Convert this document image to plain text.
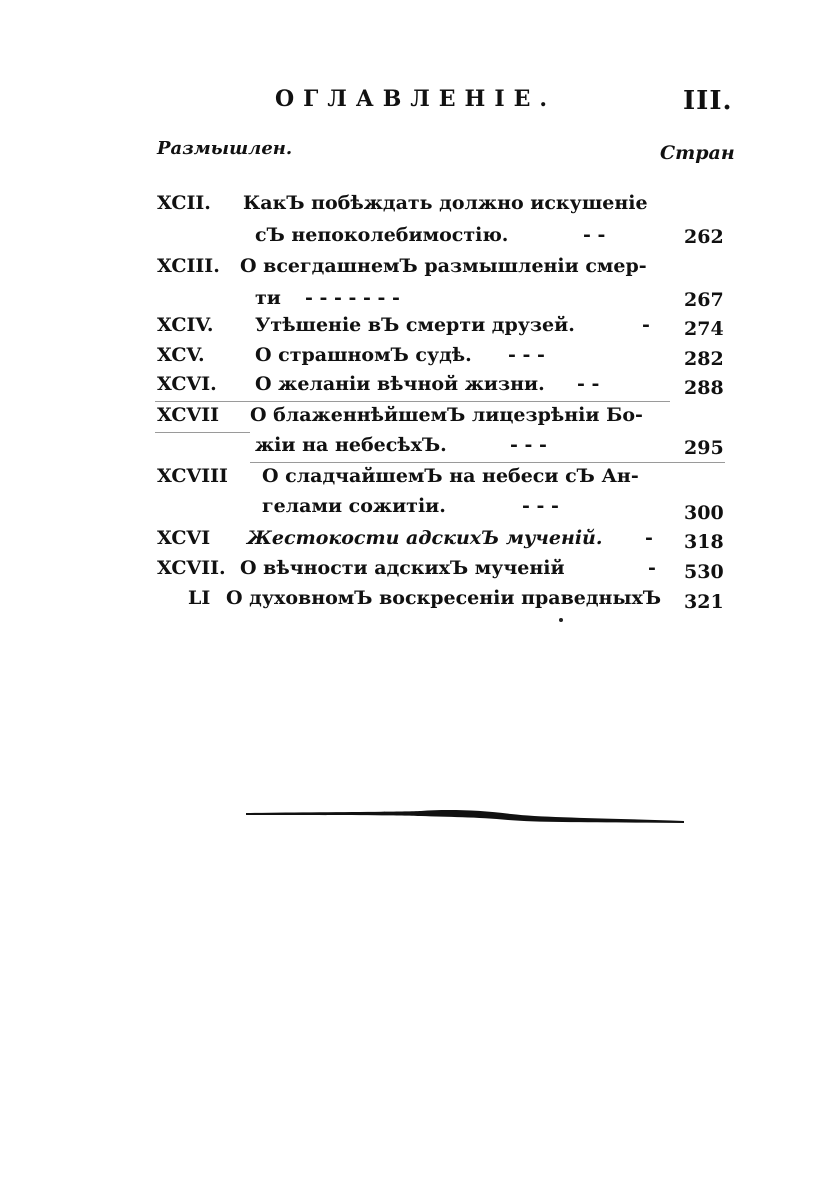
ОГЛАВЛЕНIЕ.	III.
Размышлен.	Стран
XCII. КакЪ побѣждать должно искушенiе
сЪ непоколебимостiю.	- -	262
XCIII. О всегдашнемЪ размышленiи смер-
ти - - - - - - -	267
XCIV. Утѣшенiе вЪ смерти друзей.	- 274
XCV.	О страшномЪ судѣ. - - -	282
XCVI. О желанiи вѣчной жизни. - -	288
XCVII О блаженнѣйшемЪ лицезрѣнiи Бо-
жiи на небесѣхЪ.	- - -	295
XCVIII О сладчайшемЪ на небеси сЪ Ан-
гелами сожитiи.	- - -	300
XCVI Жестокости адскихЪ мученiй. - 318
XCVII. О вѣчности адскихЪ мученiй	- 530
LI О духовномЪ воскресенiи праведныхЪ 321
